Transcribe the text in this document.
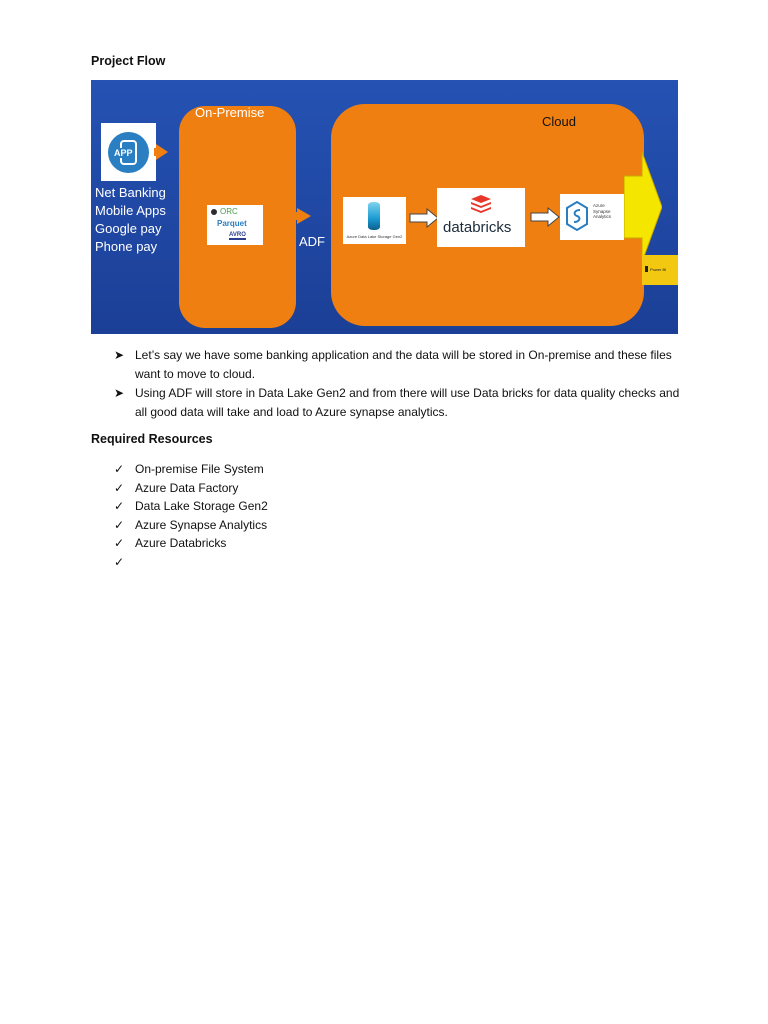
Project Flow
On-Premise
Cloud
APP
Net Banking
Mobile Apps
Google pay
Phone pay
ORC
Parquet
AVRO	ADF	Azure Data Lake Storage Gen2
databricks
Azure
Synapse
Analytics
Power BI
➤ Let’s say we have some banking application and the data will be stored in On-premise and these files want to move to cloud.
➤ Using ADF will store in Data Lake Gen2 and from there will use Data bricks for data quality checks and all good data will take and load to Azure synapse analytics.
Required Resources
✓ On-premise File System
✓ Azure Data Factory
✓ Data Lake Storage Gen2
✓ Azure Synapse Analytics
✓ Azure Databricks
✓
